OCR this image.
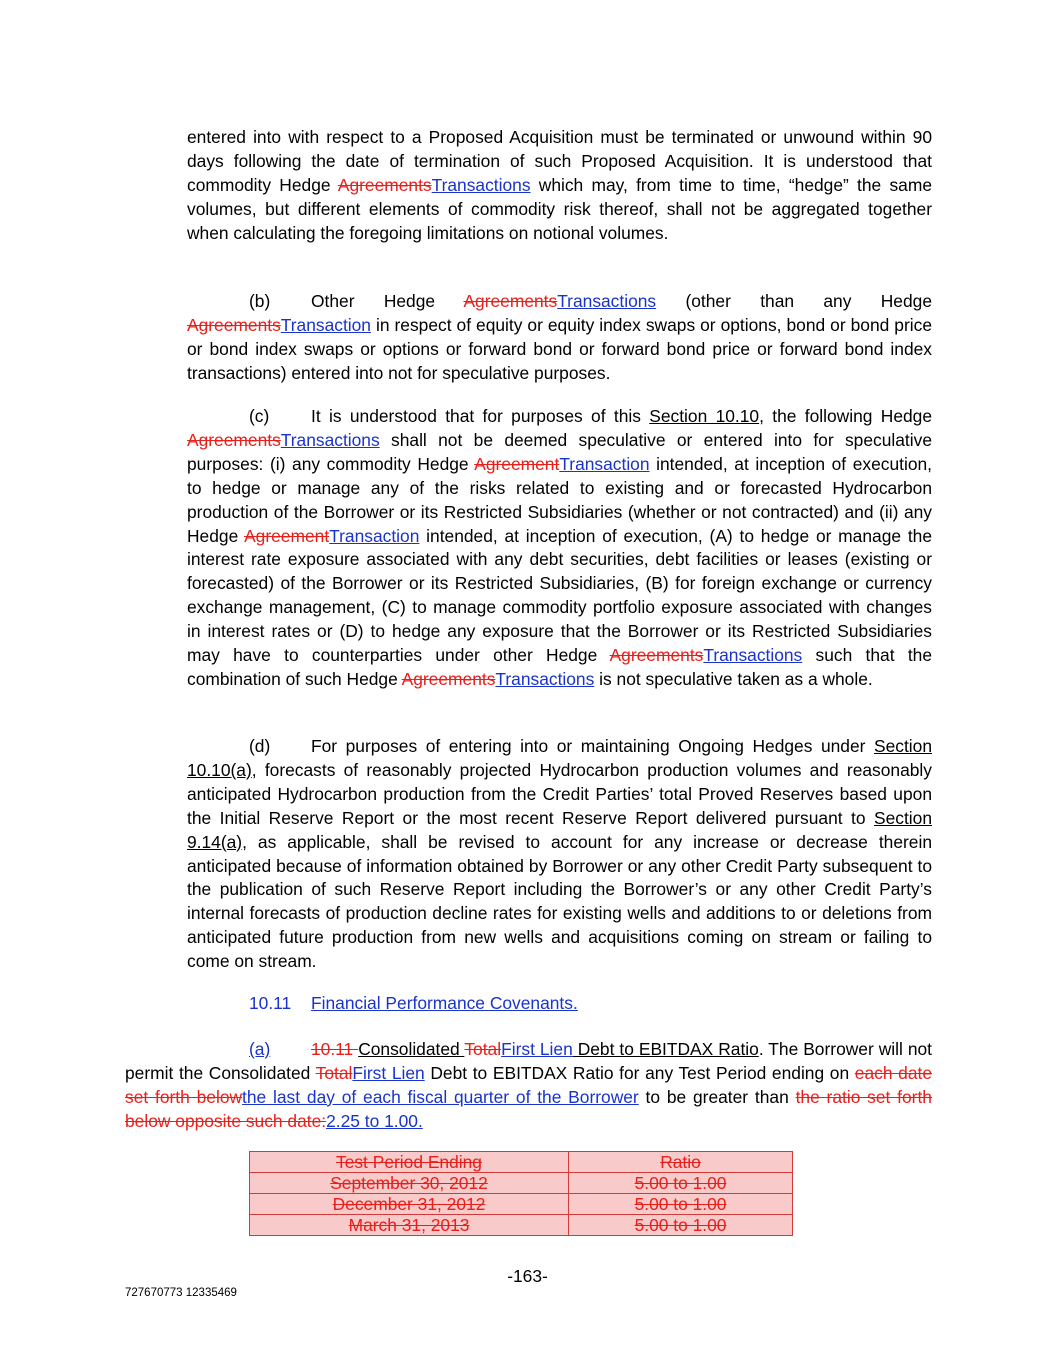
entered into with respect to a Proposed Acquisition must be terminated or unwound within 90 days following the date of termination of such Proposed Acquisition. It is understood that commodity Hedge AgreementsTransactions which may, from time to time, “hedge” the same volumes, but different elements of commodity risk thereof, shall not be aggregated together when calculating the foregoing limitations on notional volumes.
(b) Other Hedge AgreementsTransactions (other than any Hedge AgreementsTransaction in respect of equity or equity index swaps or options, bond or bond price or bond index swaps or options or forward bond or forward bond price or forward bond index transactions) entered into not for speculative purposes.
(c) It is understood that for purposes of this Section 10.10, the following Hedge AgreementsTransactions shall not be deemed speculative or entered into for speculative purposes: (i) any commodity Hedge AgreementTransaction intended, at inception of execution, to hedge or manage any of the risks related to existing and or forecasted Hydrocarbon production of the Borrower or its Restricted Subsidiaries (whether or not contracted) and (ii) any Hedge AgreementTransaction intended, at inception of execution, (A) to hedge or manage the interest rate exposure associated with any debt securities, debt facilities or leases (existing or forecasted) of the Borrower or its Restricted Subsidiaries, (B) for foreign exchange or currency exchange management, (C) to manage commodity portfolio exposure associated with changes in interest rates or (D) to hedge any exposure that the Borrower or its Restricted Subsidiaries may have to counterparties under other Hedge AgreementsTransactions such that the combination of such Hedge AgreementsTransactions is not speculative taken as a whole.
(d) For purposes of entering into or maintaining Ongoing Hedges under Section 10.10(a), forecasts of reasonably projected Hydrocarbon production volumes and reasonably anticipated Hydrocarbon production from the Credit Parties’ total Proved Reserves based upon the Initial Reserve Report or the most recent Reserve Report delivered pursuant to Section 9.14(a), as applicable, shall be revised to account for any increase or decrease therein anticipated because of information obtained by Borrower or any other Credit Party subsequent to the publication of such Reserve Report including the Borrower’s or any other Credit Party’s internal forecasts of production decline rates for existing wells and additions to or deletions from anticipated future production from new wells and acquisitions coming on stream or failing to come on stream.
10.11 Financial Performance Covenants.
(a) 10.11 Consolidated TotalFirst Lien Debt to EBITDAX Ratio. The Borrower will not permit the Consolidated TotalFirst Lien Debt to EBITDAX Ratio for any Test Period ending on each date set forth belowthe last day of each fiscal quarter of the Borrower to be greater than the ratio set forth below opposite such date:2.25 to 1.00.
Test Period Ending	Ratio
September 30, 2012	5.00 to 1.00
December 31, 2012	5.00 to 1.00
March 31, 2013	5.00 to 1.00
-163-
727670773 12335469
